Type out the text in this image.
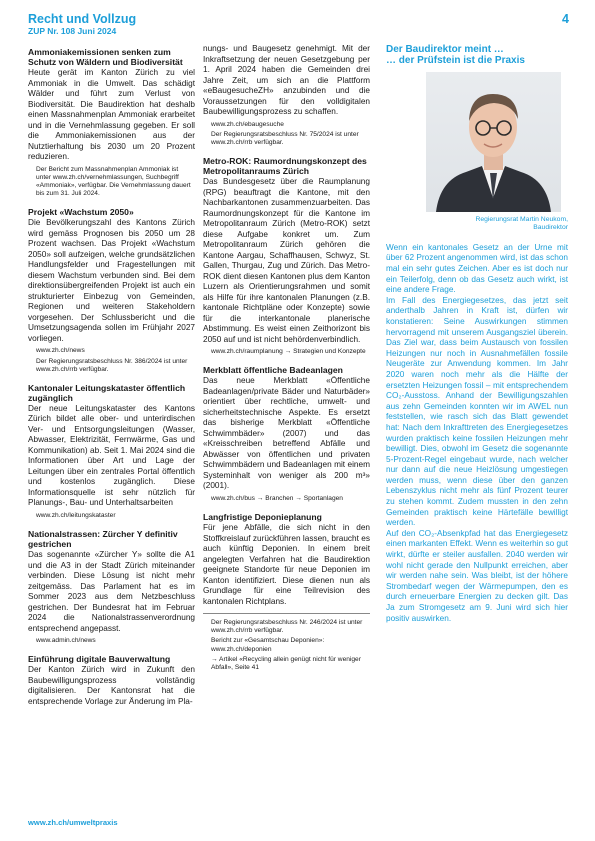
Recht und Vollzug
ZUP Nr. 108 Juni 2024
4
Ammoniakemissionen senken zum Schutz von Wäldern und Biodiversität

Heute gerät im Kanton Zürich zu viel Ammoniak in die Umwelt. Das schädigt Wälder und führt zum Verlust von Biodiversität. Die Baudirektion hat deshalb einen Massnahmenplan Ammoniak erarbeitet und in die Vernehmlassung gegeben. Er soll die Ammoniakemissionen aus der Nutztierhaltung bis 2030 um 20 Prozent reduzieren.

Der Bericht zum Massnahmenplan Ammoniak ist unter www.zh.ch/vernehmlassungen, Suchbegriff «Ammoniak», verfügbar. Die Vernehmlassung dauert bis zum 31. Juli 2024.
Projekt «Wachstum 2050»

Die Bevölkerungszahl des Kantons Zürich wird gemäss Prognosen bis 2050 um 28 Prozent wachsen. Das Projekt «Wachstum 2050» soll aufzeigen, welche grundsätzlichen Handlungsfelder und Fragestellungen mit diesem Wachstum verbunden sind. Bei dem direktionsübergreifenden Projekt ist auch ein strukturierter Einbezug von Gemeinden, Regionen und weiteren Stakeholdern vorgesehen. Der Schlussbericht und die Umsetzungsagenda sollen im Frühjahr 2027 vorliegen.

www.zh.ch/news
Der Regierungsratsbeschluss Nr. 386/2024 ist unter www.zh.ch/rrb verfügbar.
Kantonaler Leitungskataster öffentlich zugänglich

Der neue Leitungskataster des Kantons Zürich bildet alle ober- und unterirdischen Ver- und Entsorgungsleitungen (Wasser, Abwasser, Elektrizität, Fernwärme, Gas und Kommunikation) ab. Seit 1. Mai 2024 sind die Informationen über Art und Lage der Leitungen über ein zentrales Portal öffentlich und kostenlos zugänglich. Diese Informationsquelle ist sehr nützlich für Planungs-, Bau- und Unterhaltsarbeiten

www.zh.ch/leitungskataster
Nationalstrassen: Zürcher Y definitiv gestrichen

Das sogenannte «Zürcher Y» sollte die A1 und die A3 in der Stadt Zürich miteinander verbinden. Diese Lösung ist nicht mehr zeitgemäss. Das Parlament hat es im Sommer 2023 aus dem Netzbeschluss gestrichen. Der Bundesrat hat im Februar 2024 die Nationalstrassenverordnung entsprechend angepasst.

www.admin.ch/news
Einführung digitale Bauverwaltung

Der Kanton Zürich wird in Zukunft den Baubewilligungsprozess vollständig digitalisieren. Der Kantonsrat hat die entsprechende Vorlage zur Änderung im Pla-

nungs- und Baugesetz genehmigt. Mit der Inkraftsetzung der neuen Gesetzgebung per 1. April 2024 haben die Gemeinden drei Jahre Zeit, um sich an die Plattform «eBaugesucheZH» anzubinden und die Voraussetzungen für den volldigitalen Baubewilligungsprozess zu schaffen.

www.zh.ch/ebaugesuche
Der Regierungsratsbeschluss Nr. 75/2024 ist unter www.zh.ch/rrb verfügbar.
Metro-ROK: Raumordnungskonzept des Metropolitanraums Zürich

Das Bundesgesetz über die Raumplanung (RPG) beauftragt die Kantone, mit den Nachbarkantonen zusammenzuarbeiten. Das Raumordnungskonzept für die Kantone im Metropolitanraum Zürich (Metro-ROK) setzt diese Aufgabe konkret um. Zum Metropolitanraum Zürich gehören die Kantone Aargau, Schaffhausen, Schwyz, St. Gallen, Thurgau, Zug und Zürich. Das Metro-ROK dient diesen Kantonen plus dem Kanton Luzern als Orientierungsrahmen und somit als Hilfe für ihre kantonalen Planungen (z.B. kantonale Richtpläne oder Konzepte) sowie für die interkantonale planerische Abstimmung. Es weist einen Zeithorizont bis 2050 auf und ist nicht behördenverbindlich.

www.zh.ch/raumplanung → Strategien und Konzepte
Merkblatt öffentliche Badeanlagen

Das neue Merkblatt «Öffentliche Badeanlagen/private Bäder und Naturbäder» orientiert über rechtliche, umwelt- und sicherheitstechnische Aspekte. Es ersetzt das bisherige Merkblatt «Öffentliche Schwimmbäder» (2007) und das «Kreisschreiben betreffend Abfälle und Abwässer von öffentlichen und privaten Schwimmbädern und Badeanlagen mit einem Systeminhalt von weniger als 200 m³» (2001).

www.zh.ch/bus → Branchen → Sportanlagen
Langfristige Deponieplanung

Für jene Abfälle, die sich nicht in den Stoffkreislauf zurückführen lassen, braucht es auch künftig Deponien. In einem breit angelegten Verfahren hat die Baudirektion geeignete Standorte für neue Deponien im Kanton identifiziert. Diese dienen nun als Grundlage für eine Teilrevision des kantonalen Richtplans.

Der Regierungsratsbeschluss Nr. 246/2024 ist unter www.zh.ch/rrb verfügbar.
Bericht zur «Gesamtschau Deponien»: www.zh.ch/deponien
→ Artikel «Recycling allein genügt nicht für weniger Abfall», Seite 41
Der Baudirektor meint …
… der Prüfstein ist die Praxis
Regierungsrat Martin Neukom,
Baudirektor

Wenn ein kantonales Gesetz an der Urne mit über 62 Prozent angenommen wird, ist das schon mal ein sehr gutes Zeichen. Aber es ist doch nur ein Teilerfolg, denn ob das Gesetz auch wirkt, ist eine andere Frage.

Im Fall des Energiegesetzes, das jetzt seit anderthalb Jahren in Kraft ist, dürfen wir konstatieren: Seine Auswirkungen stimmen hervorragend mit unserem Ausgangsziel überein. Das Ziel war, dass beim Austausch von fossilen Heizungen nur noch in Ausnahmefällen fossile Neugeräte zur Anwendung kommen. Im Jahr 2020 waren noch mehr als die Hälfte der ersetzten Heizungen fossil – mit entsprechendem CO₂-Ausstoss. Anhand der Bewilligungszahlen aus zehn Gemeinden konnten wir im AWEL nun feststellen, wie rasch sich das Blatt gewendet hat: Nach dem Inkrafttreten des Energiegesetzes wurden praktisch keine fossilen Heizungen mehr bewilligt. Dies, obwohl im Gesetz die sogenannte 5-Prozent-Regel eingebaut wurde, nach welcher nur dann auf die neue Heizlösung umgestiegen werden muss, wenn diese über den ganzen Lebenszyklus nicht mehr als fünf Prozent teurer zu stehen kommt. Zudem mussten in den zehn Gemeinden praktisch keine Härtefälle bewilligt werden.

Auf den CO₂-Absenkpfad hat das Energiegesetz einen markanten Effekt. Wenn es weiterhin so gut wirkt, dürfte er steiler ausfallen. 2040 werden wir wohl nicht gerade den Nullpunkt erreichen, aber wir werden nahe sein. Was bleibt, ist der höhere Strombedarf wegen der Wärmepumpen, den es durch erneuerbare Energien zu decken gilt. Das Ja zum Stromgesetz am 9. Juni wird sich hier positiv auswirken.

www.zh.ch/umweltpraxis
